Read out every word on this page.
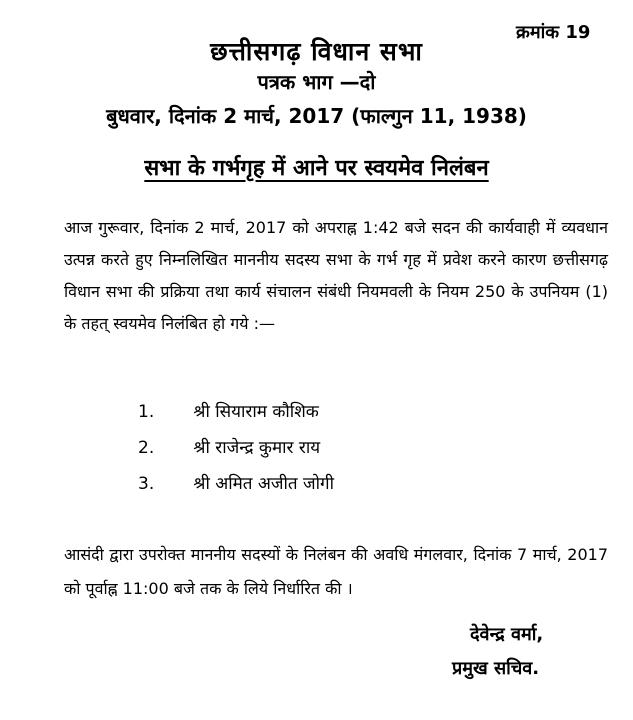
क्रमांक 19
छत्तीसगढ़ विधान सभा
पत्रक भाग —दो
बुधवार, दिनांक 2 मार्च, 2017 (फाल्गुन 11, 1938)
सभा के गर्भगृह में आने पर स्वयमेव निलंबन
आज गुरूवार, दिनांक 2 मार्च, 2017 को अपराह्न 1:42 बजे सदन की कार्यवाही में व्यवधान उत्पन्न करते हुए निम्नलिखित माननीय सदस्य सभा के गर्भ गृह में प्रवेश करने कारण छत्तीसगढ़ विधान सभा की प्रक्रिया तथा कार्य संचालन संबंधी नियमवली के नियम 250 के उपनियम (1) के तहत् स्वयमेव निलंबित हो गये :—
1. श्री सियाराम कौशिक
2. श्री राजेन्द्र कुमार राय
3. श्री अमित अजीत जोगी
आसंदी द्वारा उपरोक्त माननीय सदस्यों के निलंबन की अवधि मंगलवार, दिनांक 7 मार्च, 2017 को पूर्वाह्न 11:00 बजे तक के लिये निर्धारित की ।
देवेन्द्र वर्मा,
प्रमुख सचिव.
